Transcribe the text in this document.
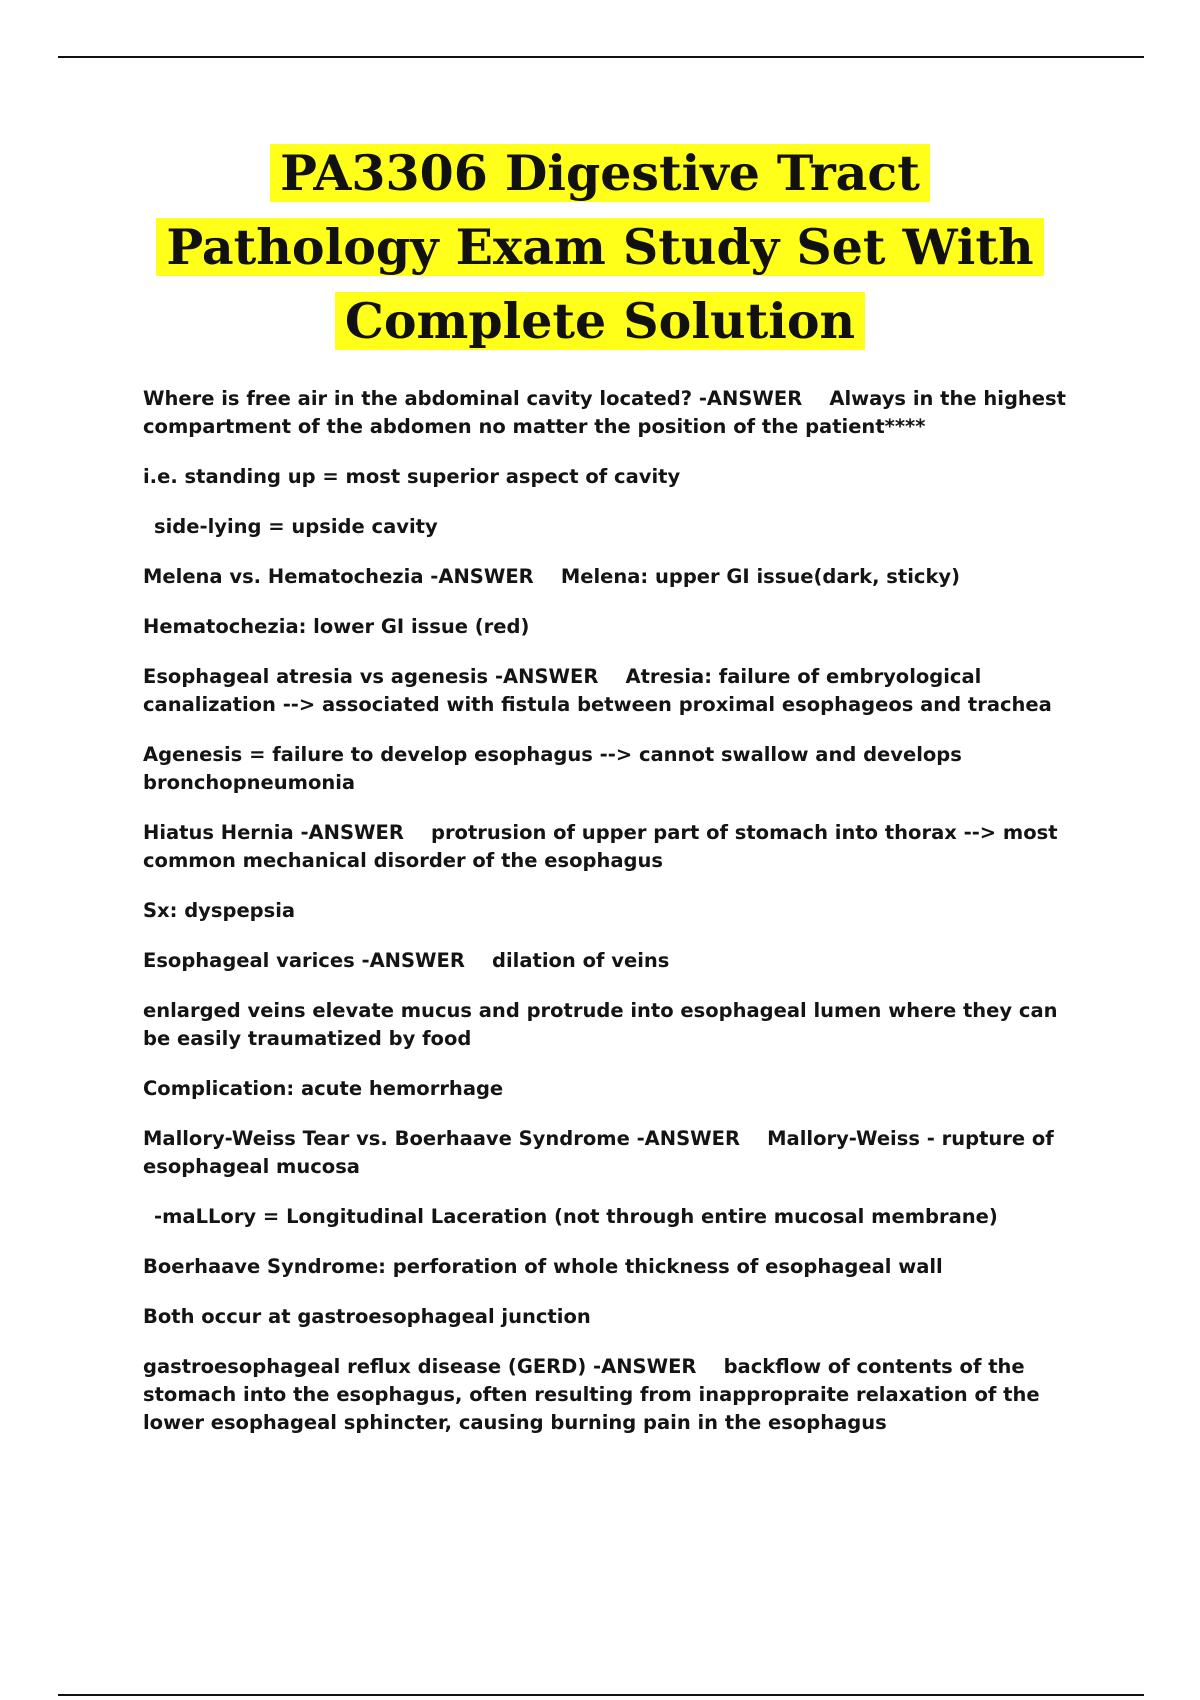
PA3306 Digestive Tract
Pathology Exam Study Set With
Complete Solution

Where is free air in the abdominal cavity located? -ANSWER    Always in the highest compartment of the abdomen no matter the position of the patient****

i.e. standing up = most superior aspect of cavity

side-lying = upside cavity

Melena vs. Hematochezia -ANSWER    Melena: upper GI issue(dark, sticky)

Hematochezia: lower GI issue (red)

Esophageal atresia vs agenesis -ANSWER    Atresia: failure of embryological canalization --> associated with fistula between proximal esophageos and trachea

Agenesis = failure to develop esophagus --> cannot swallow and develops bronchopneumonia

Hiatus Hernia -ANSWER    protrusion of upper part of stomach into thorax --> most common mechanical disorder of the esophagus

Sx: dyspepsia

Esophageal varices -ANSWER    dilation of veins

enlarged veins elevate mucus and protrude into esophageal lumen where they can be easily traumatized by food

Complication: acute hemorrhage

Mallory-Weiss Tear vs. Boerhaave Syndrome -ANSWER    Mallory-Weiss - rupture of esophageal mucosa

-maLLory = Longitudinal Laceration (not through entire mucosal membrane)

Boerhaave Syndrome: perforation of whole thickness of esophageal wall

Both occur at gastroesophageal junction

gastroesophageal reflux disease (GERD) -ANSWER    backflow of contents of the stomach into the esophagus, often resulting from inappropraite relaxation of the lower esophageal sphincter, causing burning pain in the esophagus
